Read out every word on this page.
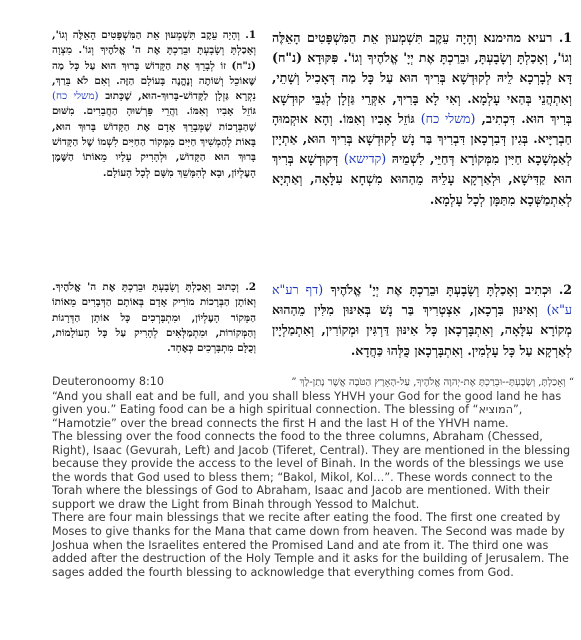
1. רעיא מהימנא וְהָיָה עֵקֶב תִּשְׁמְעוּן אֵת הַמִּשְׁפָּטִים הָאֵלֶּה וְגוֹ', וְאָכַלְתָּ וְשָׂבָעְתָּ, וּבֵרַכְתָּ אֶת יְיָ' אֱלֹהֶיךָ וְגוֹ'. פִּקּוּדָא (נ"ח) דָּא לְבָרְכָא לֵיהּ לְקוּדְשָׁא בְּרִיךְ הוּא עַל כָּל מַה דְּאָכִיל וְשָׁתֵי, וְאִתְהֲנֵי בְּהַאי עָלְמָא. וְאִי לָא בָּרִיךְ, אִקְּרֵי גַּזְלָן לְגַבֵּי קוּדְשָׁא בְּרִיךְ הוּא. דִּכְתִיב, (משלי כח) גּוֹזֵל אָבִיו וְאִמּוֹ. וְהָא אוּקְמוּהָ חַבְרַיָּיא. בְּגִין דְּבִרְכָאן דִּבְרִיךְ בַּר נָשׁ לְקוּדְשָׁא בְּרִיךְ הוּא, אַתְיָין לְאַמְשָׁכָא חַיִּין מִמְּקוֹרָא דְּחַיֵּי, לִשְׁמֵיהּ (קדישא) דְּקוּדְשָׁא בְּרִיךְ הוּא קַדִּישָׁא, וּלְאַרְקָא עָלֵיהּ מֵהַהוּא מִשְׁחָא עִלָּאָה, וְאַתְיָא לְאִתְמַשְּׁכָא מִתַּמָּן לְכָל עָלְמָא.
1. וְהָיָה עֵקֶב תִּשְׁמְעוּן אֵת הַמִּשְׁפָּטִים הָאֵלֶּה וְגוֹ', וְאָכַלְתָּ וְשָׂבָעְתָּ וּבֵרַכְתָּ אֶת ה' אֱלֹהֶיךָ וְגוֹ'. מִצְוָה (נ"ח) זוֹ לְבָרֵךְ אֶת הַקָּדוֹשׁ בָּרוּךְ הוּא עַל כָּל מַה שֶּׁאוֹכֵל וְשׁוֹתֶה וְנֶהֱנֶה בָּעוֹלָם הַזֶּה. וְאִם לֹא בֵּרַךְ, נִקְרָא גַּזְלָן לַקָּדוֹשׁ-בָּרוּךְ-הוּא, שֶׁכָּתוּב (משלי כח) גּוֹזֵל אָבִיו וְאִמּוֹ. וַהֲרֵי פֵּרְשׁוּהָ הַחֲבֵרִים. מִשּׁוּם שֶׁהַבְּרָכוֹת שֶׁמְּבָרֵךְ אָדָם אֶת הַקָּדוֹשׁ בָּרוּךְ הוּא, בָּאוֹת לְהַמְשִׁיךְ חַיִּים מִמְּקוֹר הַחַיִּים לִשְׁמוֹ שֶׁל הַקָּדוֹשׁ בָּרוּךְ הוּא הַקָּדוֹשׁ, וּלְהָרִיק עָלָיו מֵאוֹתוֹ הַשֶּׁמֶן הָעֶלְיוֹן, וּבָא לְהִמָּשֵׁךְ מִשָּׁם לְכָל הָעוֹלָם.
2. וּכְתִיב וְאָכַלְתָּ וְשָׂבָעְתָּ וּבֵרַכְתָּ אֶת יְיָ' אֱלֹהֶיךָ (דף רע"א ע"א) וְאִינּוּן בִּרְכָאן, אִצְטְרִיךְ בַּר נָשׁ בְּאִינּוּן מִלִּין מֵהַהוּא מְקוֹרָא עִלָּאָה, וְאִתְבָּרְכָאן כָּל אִינּוּן דַּרְגִּין וּמְקוֹרִין, וְאִתְמַלְיָין לְאַרְקָא עַל כָּל עָלְמִין. וְאִתְבָּרְכָאן כֻּלְּהוּ כַּחֲדָא.
2. וְכָתוּב וְאָכַלְתָּ וְשָׂבָעְתָּ וּבֵרַכְתָּ אֶת ה' אֱלֹהֶיךָ. וְאוֹתָן הַבְּרָכוֹת מוֹרִיק אָדָם בְּאוֹתָם הַדְּבָרִים מֵאוֹתוֹ הַמָּקוֹר הָעֶלְיוֹן, וּמִתְבָּרְכִים כָּל אוֹתָן הַדְּרָגוֹת וְהַמְּקוֹרוֹת, וּמִתְמַלְּאִים לְהָרִיק עַל כָּל הָעוֹלָמוֹת, וְכֻלָּם מִתְבָּרְכִים כְּאֶחָד.
Deuteronoomy 8:10	“ וְאָכַלְתָּ, וְשָׂבָעְתָּ--וּבֵרַכְתָּ אֶת-יְהוָה אֱלֹהֶיךָ, עַל-הָאָרֶץ הַטֹּבָה אֲשֶׁר נָתַן-לָךְ ”

“And you shall eat and be full, and you shall bless YHVH your God for the good land he has given you.” Eating food can be a high spiritual connection. The blessing of “המוציא”, “Hamotzie” over the bread connects the first H and the last H of the YHVH name.

The blessing over the food connects the food to the three columns, Abraham (Chessed, Right), Isaac (Gevurah, Left) and Jacob (Tiferet, Central). They are mentioned in the blessing because they provide the access to the level of Binah. In the words of the blessings we use the words that God used to bless them; “Bakol, Mikol, Kol…”. These words connect to the Torah where the blessings of God to Abraham, Isaac and Jacob are mentioned. With their support we draw the Light from Binah through Yessod to Malchut.

There are four main blessings that we recite after eating the food. The first one created by Moses to give thanks for the Mana that came down from heaven. The Second was made by Joshua when the Israelites entered the Promised Land and ate from it. The third one was added after the destruction of the Holy Temple and it asks for the building of Jerusalem. The sages added the fourth blessing to acknowledge that everything comes from God.
